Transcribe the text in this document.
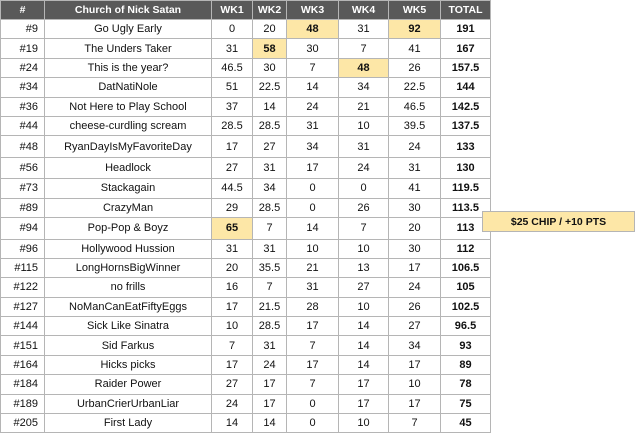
#	Church of Nick Satan	WK1	WK2	WK3	WK4	WK5	TOTAL
#9	Go Ugly Early	0	20	48	31	92	191
#19	The Unders Taker	31	58	30	7	41	167
#24	This is the year?	46.5	30	7	48	26	157.5
#34	DatNatiNole	51	22.5	14	34	22.5	144
#36	Not Here to Play School	37	14	24	21	46.5	142.5
#44	cheese-curdling scream	28.5	28.5	31	10	39.5	137.5
#48	RyanDayIsMyFavoriteDay	17	27	34	31	24	133
#56	Headlock	27	31	17	24	31	130
#73	Stackagain	44.5	34	0	0	41	119.5
#89	CrazyMan	29	28.5	0	26	30	113.5
#94	Pop-Pop & Boyz	65	7	14	7	20	113
#96	Hollywood Hussion	31	31	10	10	30	112
#115	LongHornsBigWinner	20	35.5	21	13	17	106.5
#122	no frills	16	7	31	27	24	105
#127	NoManCanEatFiftyEggs	17	21.5	28	10	26	102.5
#144	Sick Like Sinatra	10	28.5	17	14	27	96.5
#151	Sid Farkus	7	31	7	14	34	93
#164	Hicks picks	17	24	17	14	17	89
#184	Raider Power	27	17	7	17	10	78
#189	UrbanCrierUrbanLiar	24	17	0	17	17	75
#205	First Lady	14	14	0	10	7	45
$25 CHIP / +10 PTS
